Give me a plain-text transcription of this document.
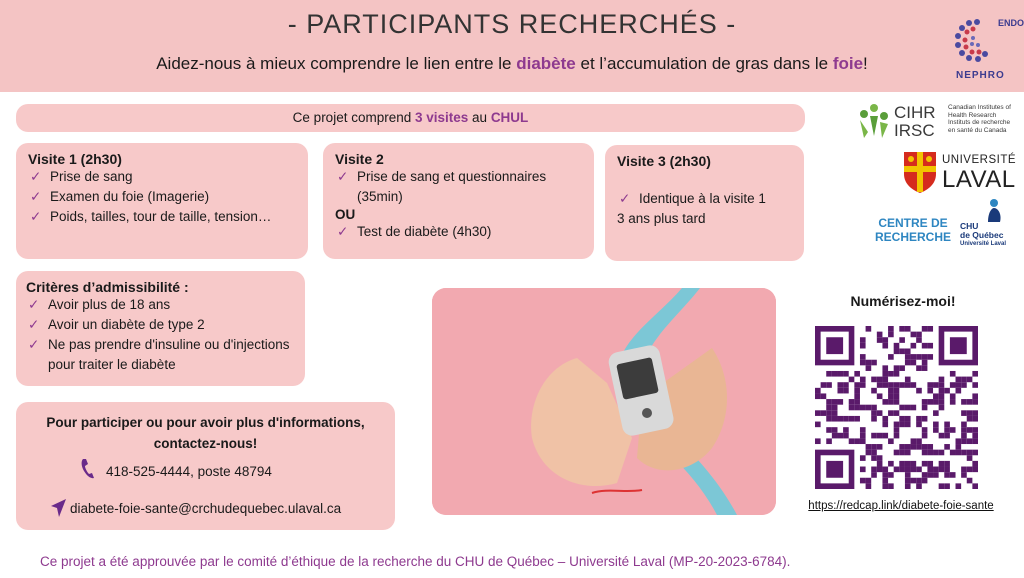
- PARTICIPANTS RECHERCHÉS -
Aidez-nous à mieux comprendre le lien entre le diabète et l’accumulation de gras dans le foie!
ENDO
NEPHRO
Ce projet comprend 3 visites au CHUL
Visite 1 (2h30)
✓ Prise de sang
✓ Examen du foie (Imagerie)
✓ Poids, tailles, tour de taille, tension…
Visite 2
✓ Prise de sang et questionnaires (35min)
OU
✓ Test de diabète (4h30)
Visite 3 (2h30)
✓ Identique à la visite 1
3 ans plus tard
Critères d’admissibilité :
✓ Avoir plus de 18 ans
✓ Avoir un diabète de type 2
✓ Ne pas prendre d'insuline ou d'injections pour traiter le diabète
Pour participer ou pour avoir plus d'informations,
contactez-nous!
418-525-4444, poste 48794
diabete-foie-sante@crchudequebec.ulaval.ca
CIHR
IRSC
Canadian Institutes of Health Research
Instituts de recherche en santé du Canada
UNIVERSITÉ
LAVAL
CENTRE DE
RECHERCHE
CHU
de Québec
Université Laval
Numérisez-moi!
https://redcap.link/diabete-foie-sante
Ce projet a été approuvée par le comité d’éthique de la recherche du CHU de Québec – Université Laval (MP-20-2023-6784).
